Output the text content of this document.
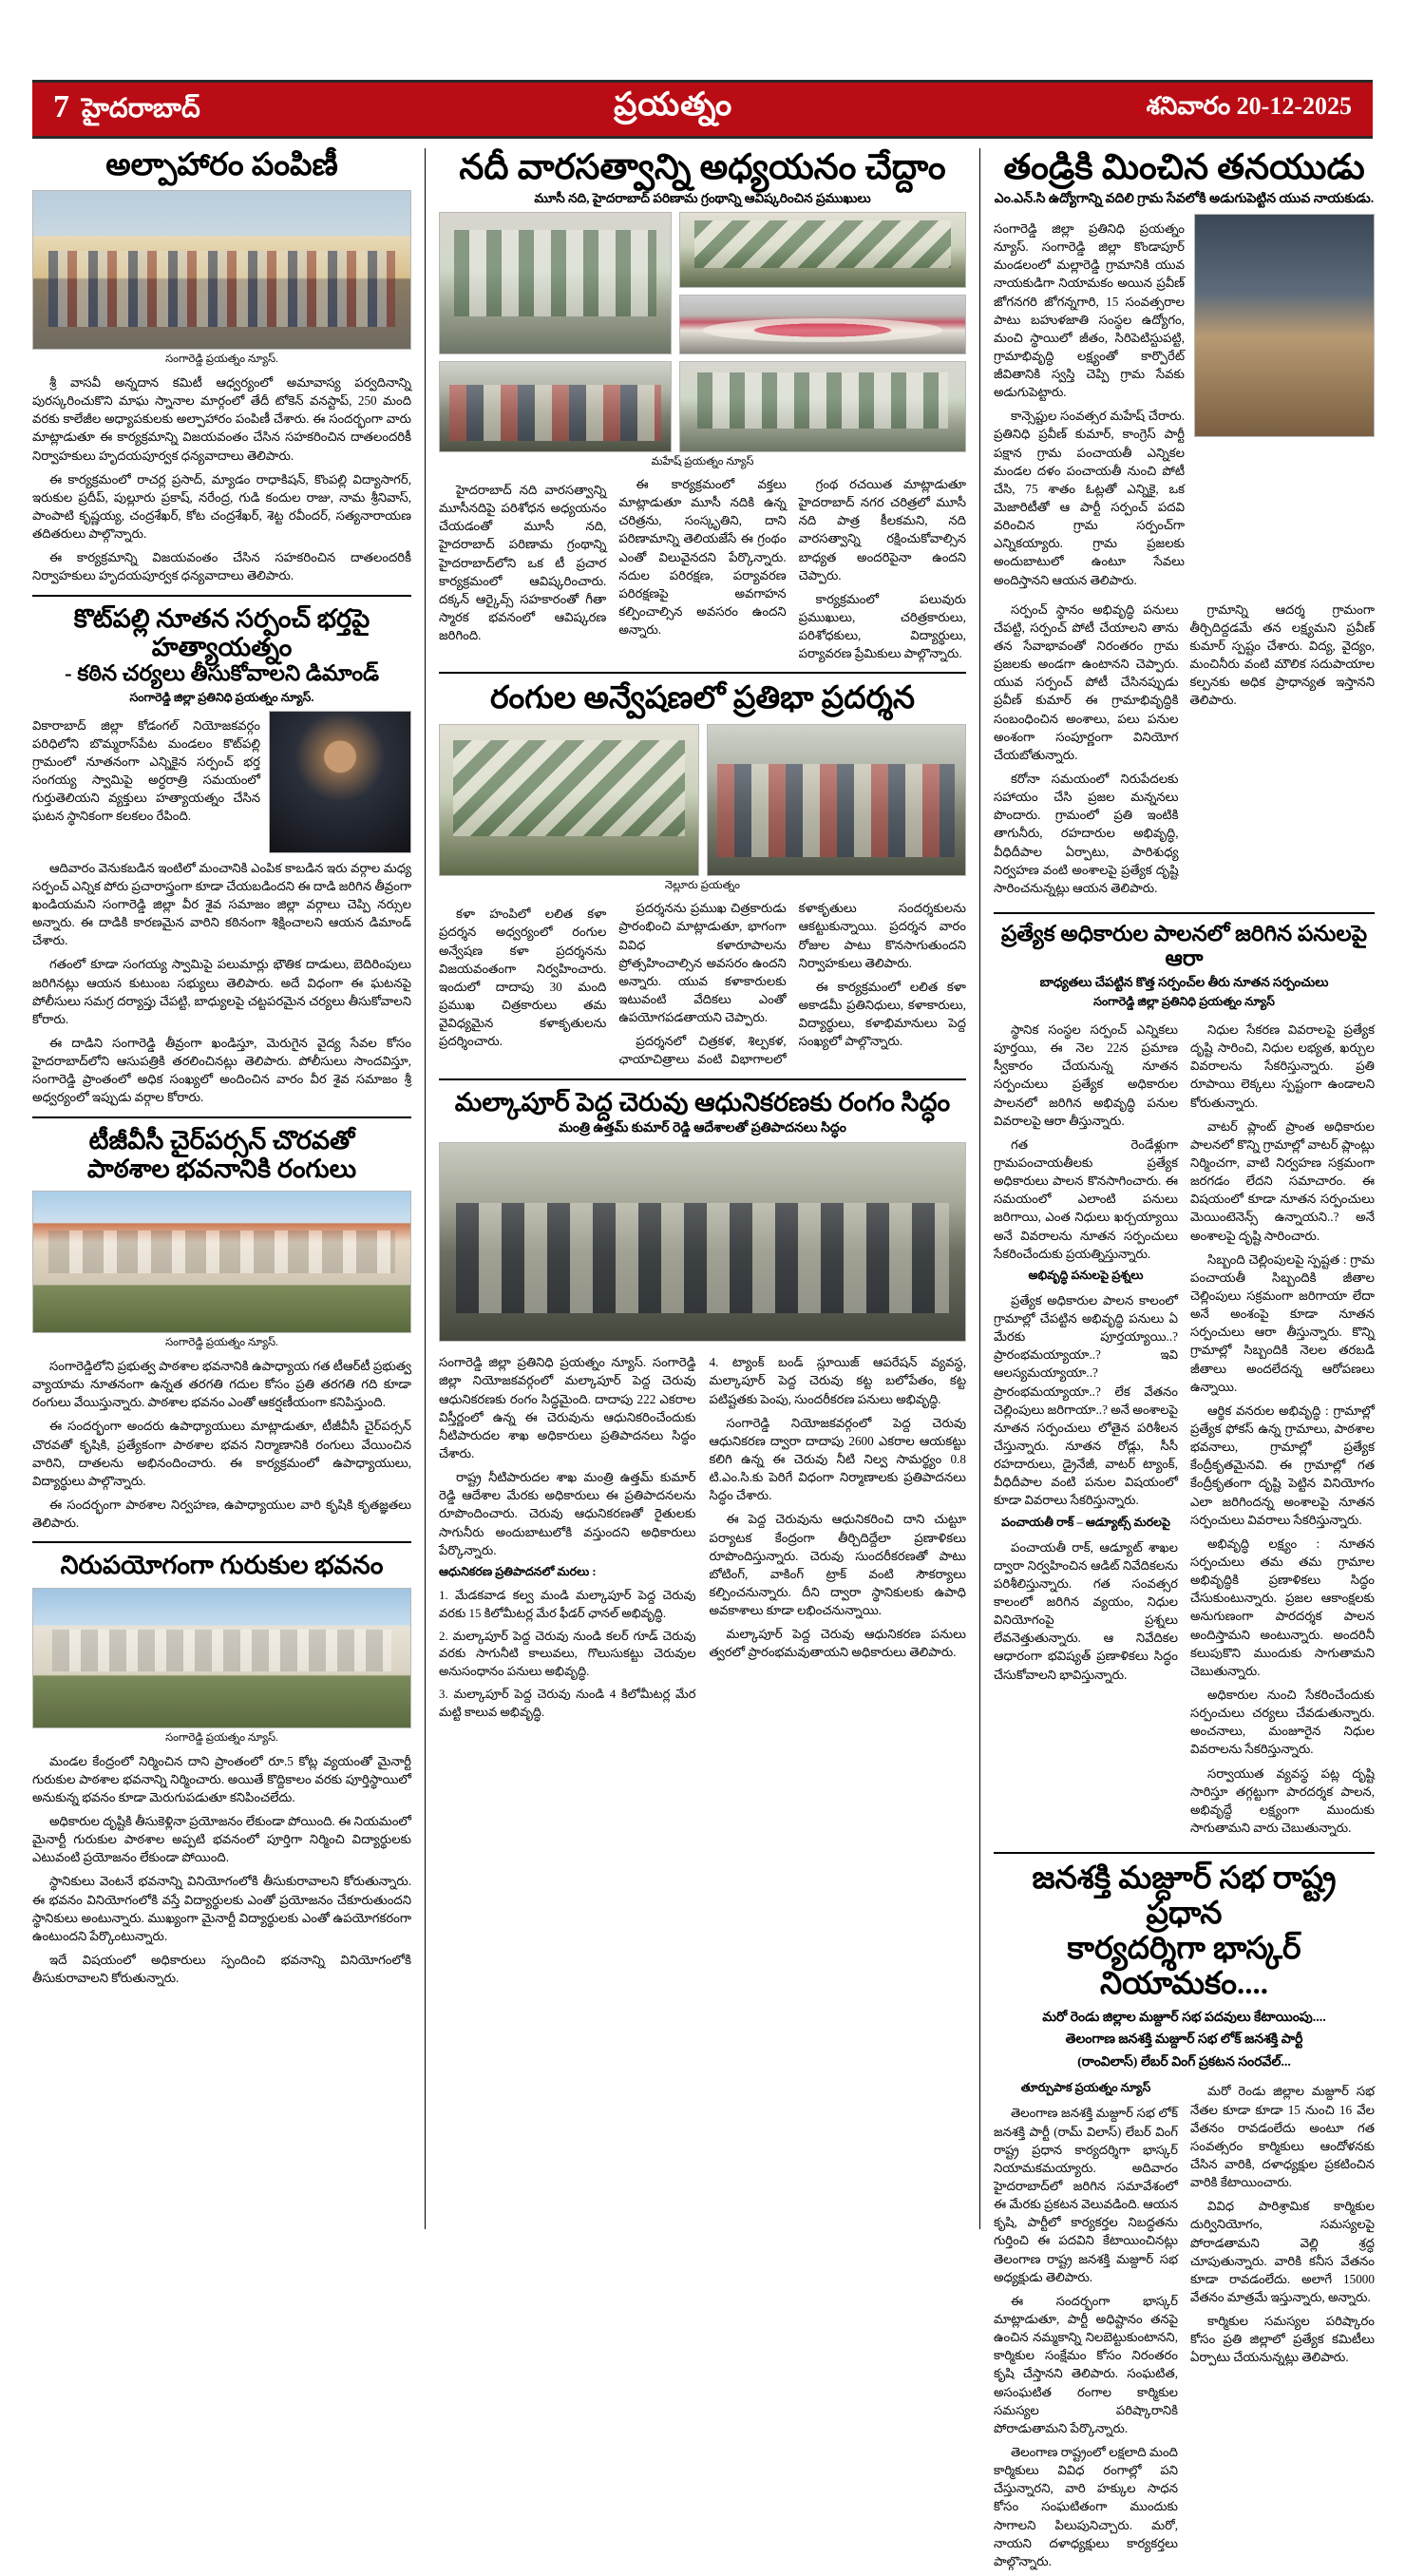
7 హైదరాబాద్	ప్రయత్నం	శనివారం 20-12-2025
అల్పాహారం పంపిణీ
సంగారెడ్డి ప్రయత్నం న్యూస్.
శ్రీ వాసవీ అన్నదాన కమిటీ ఆధ్వర్యంలో అమావాస్య పర్వదినాన్ని పురస్కరించుకొని మాఘ స్నానాల మార్గంలో తేదీ టోకెన్ వనస్టాప్, 250 మంది వరకు కాలేజీల అధ్యాపకులకు అల్పాహారం పంపిణీ చేశారు. ఈ సందర్భంగా వారు మాట్లాడుతూ ఈ కార్యక్రమాన్ని విజయవంతం చేసిన సహకరించిన దాతలందరికీ నిర్వాహకులు హృదయపూర్వక ధన్యవాదాలు తెలిపారు.
ఈ కార్యక్రమంలో రాచర్ల ప్రసాద్, మ్యాడం రాధాకిషన్, కొంపల్లి విద్యాసాగర్, ఇరుకుల ప్రదీప్, పుల్లూరు ప్రకాష్, నరేంద్ర, గుడి కందుల రాజు, నామ శ్రీనివాస్, పాంపాటి కృష్ణయ్య, చంద్రశేఖర్, కోట చంద్రశేఖర్, శెట్ట రవీందర్, సత్యనారాయణ తదితరులు పాల్గొన్నారు.
ఈ కార్యక్రమాన్ని విజయవంతం చేసిన సహకరించిన దాతలందరికీ నిర్వాహకులు హృదయపూర్వక ధన్యవాదాలు తెలిపారు.
కొట్‌పల్లి నూతన సర్పంచ్ భర్తపై హత్యాయత్నం
- కఠిన చర్యలు తీసుకోవాలని డిమాండ్
సంగారెడ్డి జిల్లా ప్రతినిధి ప్రయత్నం న్యూస్.
వికారాబాద్ జిల్లా కోడంగల్ నియోజకవర్గం పరిధిలోని బొమ్మరాస్‌పేట మండలం కొట్‌పల్లి గ్రామంలో నూతనంగా ఎన్నికైన సర్పంచ్ భర్త సంగయ్య స్వామిపై అర్ధరాత్రి సమయంలో గుర్తుతెలియని వ్యక్తులు హత్యాయత్నం చేసిన ఘటన స్థానికంగా కలకలం రేపింది.
ఆదివారం వెనుకబడిన ఇంటిలో మంచానికి ఎంపిక కాబడిన ఇరు వర్గాల మధ్య సర్పంచ్ ఎన్నిక పోరు ప్రచారాస్త్రంగా కూడా చేయబడిందని ఈ దాడి జరిగిన తీవ్రంగా ఖండియమని సంగారెడ్డి జిల్లా వీర శైవ సమాజం జిల్లా వర్గాలు చెప్పి నర్సుల అన్నారు. ఈ దాడికి కారణమైన వారిని కఠినంగా శిక్షించాలని ఆయన డిమాండ్ చేశారు.
గతంలో కూడా సంగయ్య స్వామిపై పలుమార్లు భౌతిక దాడులు, బెదిరింపులు జరిగినట్లు ఆయన కుటుంబ సభ్యులు తెలిపారు. అదే విధంగా ఈ ఘటనపై పోలీసులు సమగ్ర దర్యాప్తు చేపట్టి, బాధ్యులపై చట్టపరమైన చర్యలు తీసుకోవాలని కోరారు.
ఈ దాడిని సంగారెడ్డి తీవ్రంగా ఖండిస్తూ, మెరుగైన వైద్య సేవల కోసం హైదరాబాద్‌లోని ఆసుపత్రికి తరలించినట్లు తెలిపారు. పోలీసులు సాందవిస్తూ, సంగారెడ్డి ప్రాంతంలో అధిక సంఖ్యలో అందించిన వారం వీర శైవ సమాజం శ్రీ అధ్వర్యంలో ఇప్పుడు వర్గాల కోరారు.
టీజీవీసీ చైర్‌పర్సన్ చొరవతో
పాఠశాల భవనానికి రంగులు
సంగారెడ్డి ప్రయత్నం న్యూస్.
సంగారెడ్డిలోని ప్రభుత్వ పాఠశాల భవనానికి ఉపాధ్యాయ గత టీఆర్‌టీ ప్రభుత్వ వ్యాయామ నూతనంగా ఉన్నత తరగతి గదుల కోసం ప్రతి తరగతి గది కూడా రంగులు వేయిస్తున్నారు. పాఠశాల భవనం ఎంతో ఆకర్షణీయంగా కనిపిస్తుంది.
ఈ సందర్భంగా అందరు ఉపాధ్యాయులు మాట్లాడుతూ, టీజీవీసీ చైర్‌పర్సన్ చొరవతో కృషికి, ప్రత్యేకంగా పాఠశాల భవన నిర్మాణానికి రంగులు వేయించిన వారిని, దాతలను అభినందించారు. ఈ కార్యక్రమంలో ఉపాధ్యాయులు, విద్యార్థులు పాల్గొన్నారు.
ఈ సందర్భంగా పాఠశాల నిర్వహణ, ఉపాధ్యాయుల వారి కృషికి కృతజ్ఞతలు తెలిపారు.
నిరుపయోగంగా గురుకుల భవనం
సంగారెడ్డి ప్రయత్నం న్యూస్.
మండల కేంద్రంలో నిర్మించిన దాని ప్రాంతంలో రూ.5 కోట్ల వ్యయంతో మైనార్టీ గురుకుల పాఠశాల భవనాన్ని నిర్మించారు. అయితే కొద్దికాలం వరకు పూర్తిస్థాయిలో అనుకున్న భవనం కూడా మెరుగుపడుతూ కనిపించలేదు.
అధికారుల దృష్టికి తీసుకెళ్లినా ప్రయోజనం లేకుండా పోయింది. ఈ నియమంలో మైనార్టీ గురుకుల పాఠశాల అప్పటి భవనంలో పూర్తిగా నిర్మించి విద్యార్థులకు ఎటువంటి ప్రయోజనం లేకుండా పోయింది.
స్థానికులు వెంటనే భవనాన్ని వినియోగంలోకి తీసుకురావాలని కోరుతున్నారు. ఈ భవనం వినియోగంలోకి వస్తే విద్యార్థులకు ఎంతో ప్రయోజనం చేకూరుతుందని స్థానికులు అంటున్నారు. ముఖ్యంగా మైనార్టీ విద్యార్థులకు ఎంతో ఉపయోగకరంగా ఉంటుందని పేర్కొంటున్నారు.
ఇదే విషయంలో అధికారులు స్పందించి భవనాన్ని వినియోగంలోకి తీసుకురావాలని కోరుతున్నారు.
నదీ వారసత్వాన్ని అధ్యయనం చేద్దాం
మూసీ నది, హైదరాబాద్ పరిణామ గ్రంథాన్ని ఆవిష్కరించిన ప్రముఖులు
మహేష్ ప్రయత్నం న్యూస్
హైదరాబాద్ నది వారసత్వాన్ని మూసీనదిపై పరిశోధన అధ్యయనం చేయడంతో మూసీ నది, హైదరాబాద్ పరిణామ గ్రంథాన్ని హైదరాబాద్‌లోని ఒక టీ ప్రచార కార్యక్రమంలో ఆవిష్కరించారు. దక్కన్ ఆర్కైవ్స్ సహకారంతో గీతా స్మారక భవనంలో ఆవిష్కరణ జరిగింది.
ఈ కార్యక్రమంలో వక్తలు మాట్లాడుతూ మూసీ నదికి ఉన్న చరిత్రను, సంస్కృతిని, దాని పరిణామాన్ని తెలియజేసే ఈ గ్రంథం ఎంతో విలువైనదని పేర్కొన్నారు. నదుల పరిరక్షణ, పర్యావరణ పరిరక్షణపై అవగాహన కల్పించాల్సిన అవసరం ఉందని అన్నారు.
గ్రంథ రచయిత మాట్లాడుతూ హైదరాబాద్ నగర చరిత్రలో మూసీ నది పాత్ర కీలకమని, నది వారసత్వాన్ని రక్షించుకోవాల్సిన బాధ్యత అందరిపైనా ఉందని చెప్పారు.
కార్యక్రమంలో పలువురు ప్రముఖులు, చరిత్రకారులు, పరిశోధకులు, విద్యార్థులు, పర్యావరణ ప్రేమికులు పాల్గొన్నారు.
రంగుల అన్వేషణలో ప్రతిభా ప్రదర్శన
నెల్లూరు ప్రయత్నం
కళా హంపిలో లలిత కళా ప్రదర్శన అధ్వర్యంలో రంగుల అన్వేషణ కళా ప్రదర్శనను విజయవంతంగా నిర్వహించారు. ఇందులో దాదాపు 30 మంది ప్రముఖ చిత్రకారులు తమ వైవిధ్యమైన కళాకృతులను ప్రదర్శించారు.
ప్రదర్శనను ప్రముఖ చిత్రకారుడు ప్రారంభించి మాట్లాడుతూ, భాగంగా వివిధ కళారూపాలను ప్రోత్సహించాల్సిన అవసరం ఉందని అన్నారు. యువ కళాకారులకు ఇటువంటి వేదికలు ఎంతో ఉపయోగపడతాయని చెప్పారు.
ప్రదర్శనలో చిత్రకళ, శిల్పకళ, ఛాయాచిత్రాలు వంటి విభాగాలలో కళాకృతులు సందర్శకులను ఆకట్టుకున్నాయి. ప్రదర్శన వారం రోజుల పాటు కొనసాగుతుందని నిర్వాహకులు తెలిపారు.
ఈ కార్యక్రమంలో లలిత కళా అకాడమీ ప్రతినిధులు, కళాకారులు, విద్యార్థులు, కళాభిమానులు పెద్ద సంఖ్యలో పాల్గొన్నారు.
మల్కాపూర్ పెద్ద చెరువు ఆధునికరణకు రంగం సిద్ధం
మంత్రి ఉత్తమ్ కుమార్ రెడ్డి ఆదేశాలతో ప్రతిపాదనలు సిద్ధం
సంగారెడ్డి జిల్లా ప్రతినిధి ప్రయత్నం న్యూస్. సంగారెడ్డి జిల్లా నియోజకవర్గంలో మల్కాపూర్ పెద్ద చెరువు ఆధునికరణకు రంగం సిద్ధమైంది. దాదాపు 222 ఎకరాల విస్తీర్ణంలో ఉన్న ఈ చెరువును ఆధునికరించేందుకు నీటిపారుదల శాఖ అధికారులు ప్రతిపాదనలు సిద్ధం చేశారు.
రాష్ట్ర నీటిపారుదల శాఖ మంత్రి ఉత్తమ్ కుమార్ రెడ్డి ఆదేశాల మేరకు అధికారులు ఈ ప్రతిపాదనలను రూపొందించారు. చెరువు ఆధునికరణతో రైతులకు సాగునీరు అందుబాటులోకి వస్తుందని అధికారులు పేర్కొన్నారు.
ఆధునికరణ ప్రతిపాదనలో మరలు :
1. మేడకవాడ కల్వ మండి మల్కాపూర్ పెద్ద చెరువు వరకు 15 కిలోమీటర్ల మేర ఫీడర్ ఛానల్ అభివృద్ధి.
2. మల్కాపూర్ పెద్ద చెరువు నుండి కలర్ గూడ్ చెరువు వరకు సాగునీటి కాలువలు, గొలుసుకట్టు చెరువుల అనుసంధానం పనులు అభివృద్ధి.
3. మల్కాపూర్ పెద్ద చెరువు నుండి 4 కిలోమీటర్ల మేర మట్టి కాలువ అభివృద్ధి.
4. ట్యాంక్ బండ్ స్లూయిజ్ ఆపరేషన్ వ్యవస్థ, మల్కాపూర్ పెద్ద చెరువు కట్ట బలోపేతం, కట్ట పటిష్టతకు పెంపు, సుందరీకరణ పనులు అభివృద్ధి.
సంగారెడ్డి నియోజకవర్గంలో పెద్ద చెరువు ఆధునికరణ ద్వారా దాదాపు 2600 ఎకరాల ఆయకట్టు కలిగి ఉన్న ఈ చెరువు నీటి నిల్వ సామర్థ్యం 0.8 టి.ఎం.సి.కు పెరిగే విధంగా నిర్మాణాలకు ప్రతిపాదనలు సిద్ధం చేశారు.
ఈ పెద్ద చెరువును ఆధునికరించి దాని చుట్టూ పర్యాటక కేంద్రంగా తీర్చిదిద్దేలా ప్రణాళికలు రూపొందిస్తున్నారు. చెరువు సుందరీకరణతో పాటు బోటింగ్, వాకింగ్ ట్రాక్ వంటి సౌకర్యాలు కల్పించనున్నారు. దీని ద్వారా స్థానికులకు ఉపాధి అవకాశాలు కూడా లభించనున్నాయి.
మల్కాపూర్ పెద్ద చెరువు ఆధునికరణ పనులు త్వరలో ప్రారంభమవుతాయని అధికారులు తెలిపారు.
తండ్రికి మించిన తనయుడు
ఎం.ఎన్.సి ఉద్యోగాన్ని వదిలి గ్రామ సేవలోకి అడుగుపెట్టిన యువ నాయకుడు.
సంగారెడ్డి జిల్లా ప్రతినిధి ప్రయత్నం న్యూస్. సంగారెడ్డి జిల్లా కొండాపూర్ మండలంలో మల్లారెడ్డి గ్రామానికి యువ నాయకుడిగా నియామకం అయిన ప్రవీణ్ జోగనగరి జోగన్నగారి, 15 సంవత్సరాల పాటు బహుళజాతి సంస్థల ఉద్యోగం, మంచి స్థాయిలో జీతం, సిరిపెటిస్టుపట్టి, గ్రామాభివృద్ధి లక్ష్యంతో కార్పొరేట్ జీవితానికి స్వస్తి చెప్పి గ్రామ సేవకు అడుగుపెట్టారు.
కాన్సెప్టుల సంవత్సర మహేష్ చేరారు. ప్రతినిధి ప్రవీణ్ కుమార్, కాంగ్రెస్ పార్టీ పక్షాన గ్రామ పంచాయతీ ఎన్నికల మండల దళం పంచాయతీ నుంచి పోటీ చేసి, 75 శాతం ఓట్లతో ఎన్నికై, ఒక మెజారిటీతో ఆ పార్టీ సర్పంచ్ పదవి వరించిన గ్రామ సర్పంచ్‌గా ఎన్నికయ్యారు. గ్రామ ప్రజలకు అందుబాటులో ఉంటూ సేవలు అందిస్తానని ఆయన తెలిపారు.
సర్పంచ్ స్థానం అభివృద్ధి పనులు చేపట్టి, సర్పంచ్ పోటీ చేయాలని తాను తన సేవాభావంతో నిరంతరం గ్రామ ప్రజలకు అండగా ఉంటానని చెప్పారు. యువ సర్పంచ్ పోటీ చేసినప్పుడు ప్రవీణ్ కుమార్ ఈ గ్రామాభివృద్ధికి సంబంధించిన అంశాలు, పలు పనుల అంశంగా సంపూర్ణంగా వినియోగ చేయబోతున్నారు.
కరోనా సమయంలో నిరుపేదలకు సహాయం చేసి ప్రజల మన్ననలు పొందారు. గ్రామంలో ప్రతి ఇంటికి తాగునీరు, రహదారుల అభివృద్ధి, వీధిదీపాల ఏర్పాటు, పారిశుధ్య నిర్వహణ వంటి అంశాలపై ప్రత్యేక దృష్టి సారించనున్నట్లు ఆయన తెలిపారు.
గ్రామాన్ని ఆదర్శ గ్రామంగా తీర్చిదిద్దడమే తన లక్ష్యమని ప్రవీణ్ కుమార్ స్పష్టం చేశారు. విద్య, వైద్యం, మంచినీరు వంటి మౌలిక సదుపాయాల కల్పనకు అధిక ప్రాధాన్యత ఇస్తానని తెలిపారు.
ప్రత్యేక అధికారుల పాలనలో జరిగిన పనులపై ఆరా
బాధ్యతలు చేపట్టిన కొత్త సర్పంచ్‌ల తీరు నూతన సర్పంచులు
సంగారెడ్డి జిల్లా ప్రతినిధి ప్రయత్నం న్యూస్
స్థానిక సంస్థల సర్పంచ్ ఎన్నికలు పూర్తయి, ఈ నెల 22న ప్రమాణ స్వీకారం చేయనున్న నూతన సర్పంచులు ప్రత్యేక అధికారుల పాలనలో జరిగిన అభివృద్ధి పనుల వివరాలపై ఆరా తీస్తున్నారు.
గత రెండేళ్లుగా గ్రామపంచాయతీలకు ప్రత్యేక అధికారులు పాలన కొనసాగించారు. ఈ సమయంలో ఎలాంటి పనులు జరిగాయి, ఎంత నిధులు ఖర్చయ్యాయి అనే వివరాలను నూతన సర్పంచులు సేకరించేందుకు ప్రయత్నిస్తున్నారు.
అభివృద్ధి పనులపై ప్రశ్నలు
ప్రత్యేక అధికారుల పాలన కాలంలో గ్రామాల్లో చేపట్టిన అభివృద్ధి పనులు ఏ మేరకు పూర్తయ్యాయి..? ప్రారంభమయ్యాయా..? ఇవి ఆలస్యమయ్యాయా..? ప్రారంభమయ్యాయా..? లేక వేతనం చెల్లింపులు జరిగాయా..? అనే అంశాలపై నూతన సర్పంచులు లోతైన పరిశీలన చేస్తున్నారు. నూతన రోడ్లు, సీసీ రహదారులు, డ్రైనేజీ, వాటర్ ట్యాంక్, వీధిదీపాల వంటి పనుల విషయంలో కూడా వివరాలు సేకరిస్తున్నారు.
పంచాయతీ రాక్ – ఆడ్యూట్స్ మరలపై
పంచాయతీ రాక్, ఆడ్యూట్ శాఖల ద్వారా నిర్వహించిన ఆడిట్ నివేదికలను పరిశీలిస్తున్నారు. గత సంవత్సర కాలంలో జరిగిన వ్యయం, నిధుల వినియోగంపై ప్రశ్నలు లేవనెత్తుతున్నారు. ఆ నివేదికల ఆధారంగా భవిష్యత్ ప్రణాళికలు సిద్ధం చేసుకోవాలని భావిస్తున్నారు.
నిధుల సేకరణ వివరాలపై ప్రత్యేక దృష్టి సారించి, నిధుల లభ్యత, ఖర్చుల వివరాలను సేకరిస్తున్నారు. ప్రతి రూపాయి లెక్కలు స్పష్టంగా ఉండాలని కోరుతున్నారు.
వాటర్ ప్లాంట్ ప్రాంత అధికారుల పాలనలో కొన్ని గ్రామాల్లో వాటర్ ప్లాంట్లు నిర్మించగా, వాటి నిర్వహణ సక్రమంగా జరగడం లేదని సమాచారం. ఈ విషయంలో కూడా నూతన సర్పంచులు మెయింటెనెన్స్ ఉన్నాయని..? అనే అంశాలపై దృష్టి సారించారు.
సిబ్బంది చెల్లింపులపై స్పష్టత : గ్రామ పంచాయతీ సిబ్బందికి జీతాల చెల్లింపులు సక్రమంగా జరిగాయా లేదా అనే అంశంపై కూడా నూతన సర్పంచులు ఆరా తీస్తున్నారు. కొన్ని గ్రామాల్లో సిబ్బందికి నెలల తరబడి జీతాలు అందలేదన్న ఆరోపణలు ఉన్నాయి.
ఆర్థిక వనరుల అభివృద్ధి : గ్రామాల్లో ప్రత్యేక ఫోకస్ ఉన్న గ్రామాలు, పాఠశాల భవనాలు, గ్రామాల్లో ప్రత్యేక కేంద్రీకృతమైనవి. ఈ గ్రామాల్లో గత కేంద్రీకృతంగా దృష్టి పెట్టిన వినియోగం ఎలా జరిగిందన్న అంశాలపై నూతన సర్పంచులు వివరాలు సేకరిస్తున్నారు.
అభివృద్ధి లక్ష్యం : నూతన సర్పంచులు తమ తమ గ్రామాల అభివృద్ధికి ప్రణాళికలు సిద్ధం చేసుకుంటున్నారు. ప్రజల ఆకాంక్షలకు అనుగుణంగా పారదర్శక పాలన అందిస్తామని అంటున్నారు. అందరినీ కలుపుకొని ముందుకు సాగుతామని చెబుతున్నారు.
అధికారుల నుంచి సేకరించేందుకు సర్పంచులు చర్యలు చేవడుతున్నారు. అంచనాలు, మంజూరైన నిధుల వివరాలను సేకరిస్తున్నారు.
సర్వాయుత వ్యవస్థ పట్ల దృష్టి సారిస్తూ తగ్గట్టుగా పారదర్శక పాలన, అభివృద్ధే లక్ష్యంగా ముందుకు సాగుతామని వారు చెబుతున్నారు.
జనశక్తి మజ్దూర్ సభ రాష్ట్ర ప్రధాన
కార్యదర్శిగా భాస్కర్ నియామకం....
మరో రెండు జిల్లాల మజ్దూర్ సభ పదవులు కేటాయింపు....
తెలంగాణ జనశక్తి మజ్దూర్ సభ లోక్ జనశక్తి పార్టీ
(రాంవిలాస్) లేబర్ వింగ్ ప్రకటన సంరవేల్...
తూర్పుపాక ప్రయత్నం న్యూస్
తెలంగాణ జనశక్తి మజ్దూర్ సభ లోక్ జనశక్తి పార్టీ (రామ్ విలాస్) లేబర్ వింగ్ రాష్ట్ర ప్రధాన కార్యదర్శిగా భాస్కర్ నియామకమయ్యారు. అదివారం హైదరాబాద్‌లో జరిగిన సమావేశంలో ఈ మేరకు ప్రకటన వెలువడింది. ఆయన కృషి, పార్టీలో కార్యకర్తల నిబద్ధతను గుర్తించి ఈ పదవిని కేటాయించినట్లు తెలంగాణ రాష్ట్ర జనశక్తి మజ్దూర్ సభ అధ్యక్షుడు తెలిపారు.
ఈ సందర్భంగా భాస్కర్ మాట్లాడుతూ, పార్టీ అధిష్టానం తనపై ఉంచిన నమ్మకాన్ని నిలబెట్టుకుంటానని, కార్మికుల సంక్షేమం కోసం నిరంతరం కృషి చేస్తానని తెలిపారు. సంఘటిత, అసంఘటిత రంగాల కార్మికుల సమస్యల పరిష్కారానికి పోరాడుతామని పేర్కొన్నారు.
తెలంగాణ రాష్ట్రంలో లక్షలాది మంది కార్మికులు వివిధ రంగాల్లో పని చేస్తున్నారని, వారి హక్కుల సాధన కోసం సంఘటితంగా ముందుకు సాగాలని పిలుపునిచ్చారు. మరో, నాయని దళాధ్యక్షులు కార్యకర్తలు పాల్గొన్నారు.
మరో రెండు జిల్లాల మజ్దూర్ సభ నేతల కూడా కూడా 15 నుంచి 16 వేల వేతనం రావడంలేదు అంటూ గత సంవత్సరం కార్మికులు ఆందోళనకు చేసిన వారికి, దళాధ్యక్షుల ప్రకటించిన వారికి కేటాయించారు.
వివిధ పారిశ్రామిక కార్మికుల దుర్వినియోగం, సమస్యలపై పోరాడతామని వెల్లి శ్రద్ధ చూపుతున్నారు. వారికి కనీస వేతనం కూడా రావడంలేదు. అలాగే 15000 వేతనం మాత్రమే ఇస్తున్నారు, అన్నారు.
కార్మికుల సమస్యల పరిష్కారం కోసం ప్రతి జిల్లాలో ప్రత్యేక కమిటీలు ఏర్పాటు చేయనున్నట్లు తెలిపారు.
